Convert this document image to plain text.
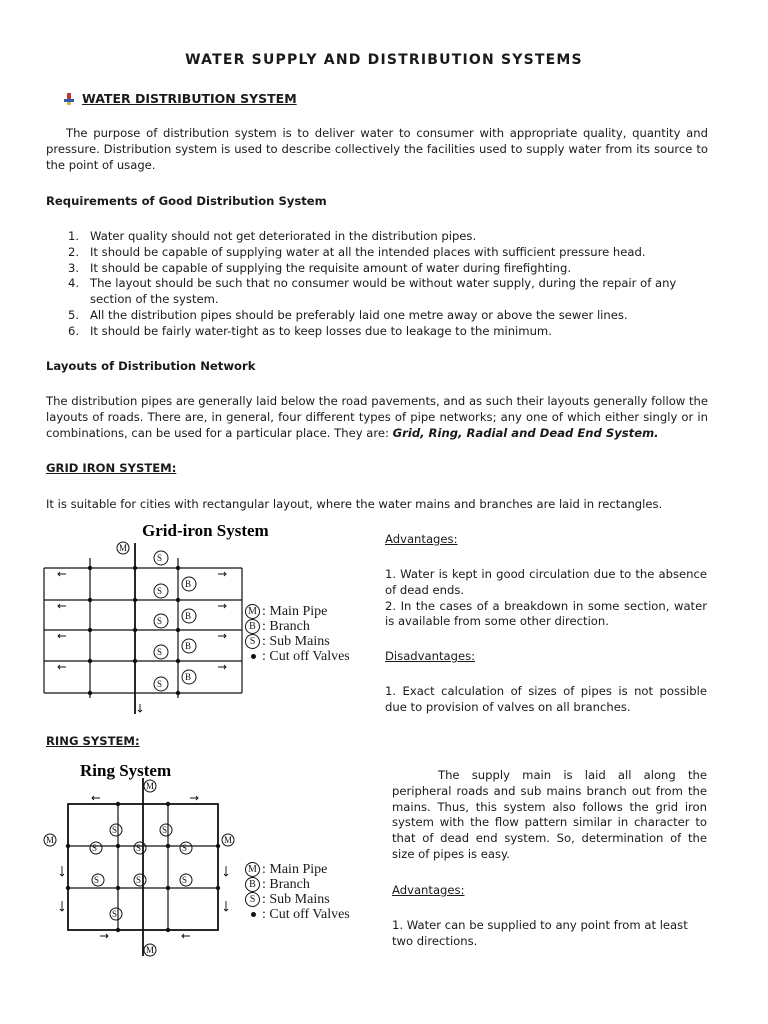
WATER SUPPLY AND DISTRIBUTION SYSTEMS
WATER DISTRIBUTION SYSTEM
The purpose of distribution system is to deliver water to consumer with appropriate quality, quantity and pressure. Distribution system is used to describe collectively the facilities used to supply water from its source to the point of usage.
Requirements of Good Distribution System
1. Water quality should not get deteriorated in the distribution pipes.
2. It should be capable of supplying water at all the intended places with sufficient pressure head.
3. It should be capable of supplying the requisite amount of water during firefighting.
4. The layout should be such that no consumer would be without water supply, during the repair of any section of the system.
5. All the distribution pipes should be preferably laid one metre away or above the sewer lines.
6. It should be fairly water-tight as to keep losses due to leakage to the minimum.
Layouts of Distribution Network
The distribution pipes are generally laid below the road pavements, and as such their layouts generally follow the layouts of roads. There are, in general, four different types of pipe networks; any one of which either singly or in combinations, can be used for a particular place. They are: Grid, Ring, Radial and Dead End System.
GRID IRON SYSTEM:
It is suitable for cities with rectangular layout, where the water mains and branches are laid in rectangles.
Grid-iron System
M
S
S
S
S
S
B
B
B
B
M : Main Pipe
B : Branch
S : Sub Mains
: Cut off Valves
Advantages:
1. Water is kept in good circulation due to the absence of dead ends.
2. In the cases of a breakdown in some section, water is available from some other direction.
Disadvantages:
1. Exact calculation of sizes of pipes is not possible due to provision of valves on all branches.
RING SYSTEM:
Ring System
M
M
M	M
S	S
S	S	S
S	S	S
S
M : Main Pipe
B : Branch
S : Sub Mains
: Cut off Valves
The supply main is laid all along the peripheral roads and sub mains branch out from the mains. Thus, this system also follows the grid iron system with the flow pattern similar in character to that of dead end system. So, determination of the size of pipes is easy.
Advantages:
1. Water can be supplied to any point from at least two directions.
